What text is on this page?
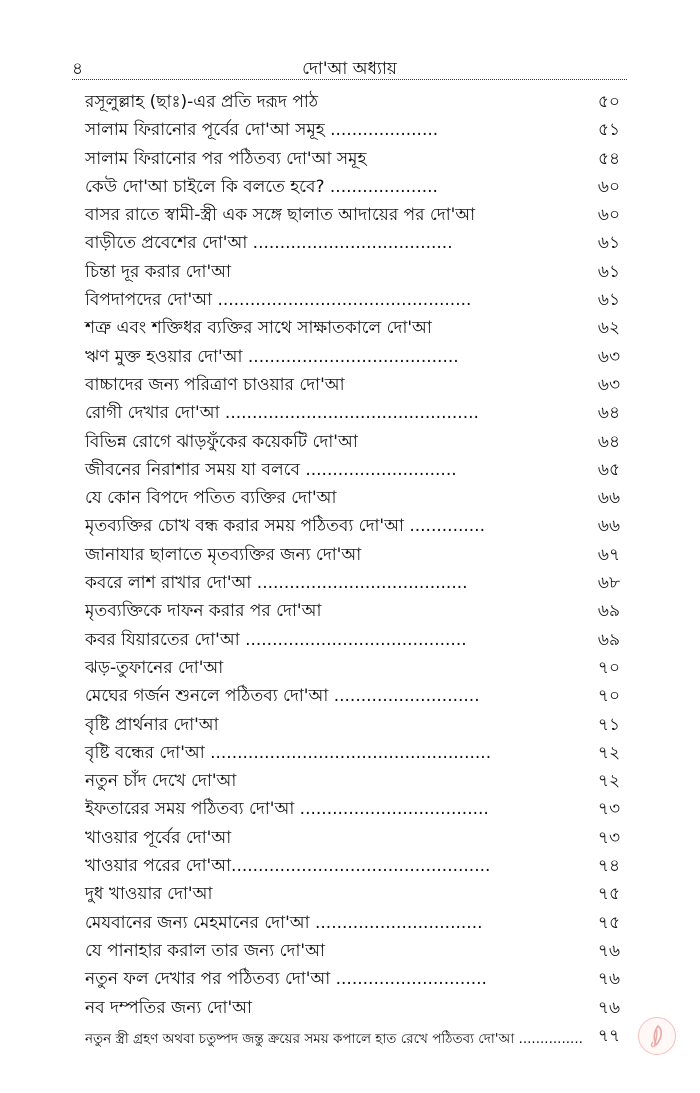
৪	দো'আ অধ্যায়
রসূলুল্লাহ (ছাঃ)-এর প্রতি দরূদ পাঠ	৫০
সালাম ফিরানোর পূর্বের দো'আ সমূহ ....................	৫১
সালাম ফিরানোর পর পঠিতব্য দো'আ সমূহ	৫৪
কেউ দো'আ চাইলে কি বলতে হবে? ....................	৬০
বাসর রাতে স্বামী-স্ত্রী এক সঙ্গে ছালাত আদায়ের পর দো'আ	৬০
বাড়ীতে প্রবেশের দো'আ .....................................	৬১
চিন্তা দূর করার দো'আ	৬১
বিপদাপদের দো'আ ...............................................	৬১
শত্রু এবং শক্তিধর ব্যক্তির সাথে সাক্ষাতকালে দো'আ	৬২
ঋণ মুক্ত হওয়ার দো'আ .......................................	৬৩
বাচ্চাদের জন্য পরিত্রাণ চাওয়ার দো'আ	৬৩
রোগী দেখার দো'আ ...............................................	৬৪
বিভিন্ন রোগে ঝাড়ফুঁকের কয়েকটি দো'আ	৬৪
জীবনের নিরাশার সময় যা বলবে ............................	৬৫
যে কোন বিপদে পতিত ব্যক্তির দো'আ	৬৬
মৃতব্যক্তির চোখ বন্ধ করার সময় পঠিতব্য দো'আ ..............	৬৬
জানাযার ছালাতে মৃতব্যক্তির জন্য দো'আ	৬৭
কবরে লাশ রাখার দো'আ .......................................	৬৮
মৃতব্যক্তিকে দাফন করার পর দো'আ	৬৯
কবর যিয়ারতের দো'আ .........................................	৬৯
ঝড়-তুফানের দো'আ	৭০
মেঘের গর্জন শুনলে পঠিতব্য দো'আ ...........................	৭০
বৃষ্টি প্রার্থনার দো'আ	৭১
বৃষ্টি বন্ধের দো'আ ....................................................	৭২
নতুন চাঁদ দেখে দো'আ	৭২
ইফতারের সময় পঠিতব্য দো'আ ...................................	৭৩
খাওয়ার পূর্বের দো'আ	৭৩
খাওয়ার পরের দো'আ................................................	৭৪
দুধ খাওয়ার দো'আ	৭৫
মেযবানের জন্য মেহমানের দো'আ ...............................	৭৫
যে পানাহার করাল তার জন্য দো'আ	৭৬
নতুন ফল দেখার পর পঠিতব্য দো'আ ............................	৭৬
নব দম্পতির জন্য দো'আ	৭৬
নতুন স্ত্রী গ্রহণ অথবা চতুষ্পদ জন্তু ক্রয়ের সময় কপালে হাত রেখে পঠিতব্য দো'আ ............... ৭৭
